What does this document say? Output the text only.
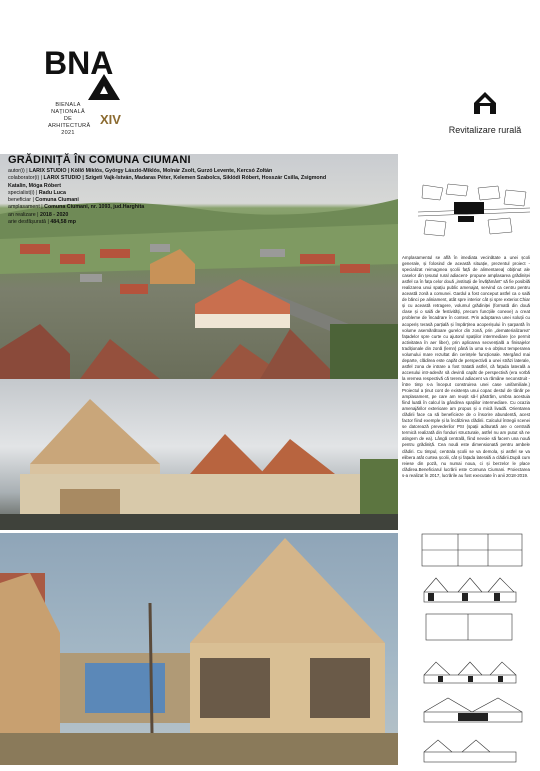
BNA
BIENALA
NAȚIONALĂ
DE
ARHITECTURĂ
2021
XIV
Revitalizare rurală
GRĂDINIȚĂ ÎN COMUNA CIUMANI
autor(i) | LARIX STUDIO | Köllő Miklós, György László-Miklós, Molnár Zsolt, Gurzó Levente, Kercsó Zoltán
colaborator(i) | LARIX STUDIO | Szigeti Vajk-István, Madaras Péter, Kelemen Szabolcs, Siklódi Róbert, Hosszár Csilla, Zsigmond Katalin, Möga Róbert
specialist(i) | Radu Luca
beneficiar | Comuna Ciumani
amplasament | Comuna Ciumani, nr. 1093, jud.Harghita
an realizare | 2018 - 2020
arie desfășurată | 484,58 mp
Amplasamentul se află în imediata vecinătate a unei școli generale, și folosind de această situație, prezentul proiect -specializat reimagınea școlii față de alimentarea| obiținut ale caselor din țesutul rural adiacent- propune amplasarea grădiniței astfel ca în fața celor două „instituții de învățământ” să fie posibilă realizarea unui spațiu public amenajat, servind ca centru pentru această zonă a comunei. Gardul a fost conceput astfel ca o sală de bănci pe aliniament, atât spre interior cât și spre exterior.Chiar și cu această retragere, volumul grădiniței (formată din două clase și o sală de festivități, precum funcțiile conexe) a creat probleme de încadrare în context. Prin adoptarea unei soluții cu acoperiș terasă parțială și împărțirea acoperișului în șarpantă în volume asemănătoare gurelor din zonă, prin „dematerializarea” fațadelor spre curte cu ajutorul spațiilor intermediare (ce permit activitatea în aer liber), prin aplicarea secvențială a finisajelor tradiționale din zonă (lemn) până la uma s-a obținut temperarea volumului mare rezultat din cerințele funcționale. Mergând mai departe, clădirea este capăt de perspectivă a unei străzi laterale, astfel zona de intrare a fost tratată astfel, că fațada laterală a accesului intr-adevăr să devină capăt de perspectivă (era vorbă la vremea respectivă că terenul adiacent va rămâne neconstruit - între timp s-a început construirea unei case unifamiliale.) Proiectul a ținut cont de existența unui copac destul de tânăr pe amplasament, pe care am reușit să-l păstrăm, umbra acestuia fiind luată în calcul la gândirea spațiilor intermediare. Cu ocazia amenajărilor exterioare am propus și o mică livadă. Orientarea clădirii face ca să beneficieze de o însorire abundentă, acest factor fiind exemple și la încălzirea clădirii. Calculul întregii scenei se datorează prevederilor PSI (spații aditurată are o centrală termică realizată din fonduri structurale, astfel nu am putut să ne atingem de ea). Lângă centrală, fiind nevoie să facem una nouă pentru grădiniță. Cea nouă este dimensionată pentru ambele clădiri. Cu timpul, centrala școlii se va demola, și astfel se va elibera atât curtea școlii, cât și fațada laterală a clădirii.După cum reiese din poză, nu numai noua, ci și berzelor le place clădirea.Beneficiarul lucrării este Comuna Ciumani. Proiectarea s-a realizat în 2017, lucrările au fost executate în anii 2018-2019.
